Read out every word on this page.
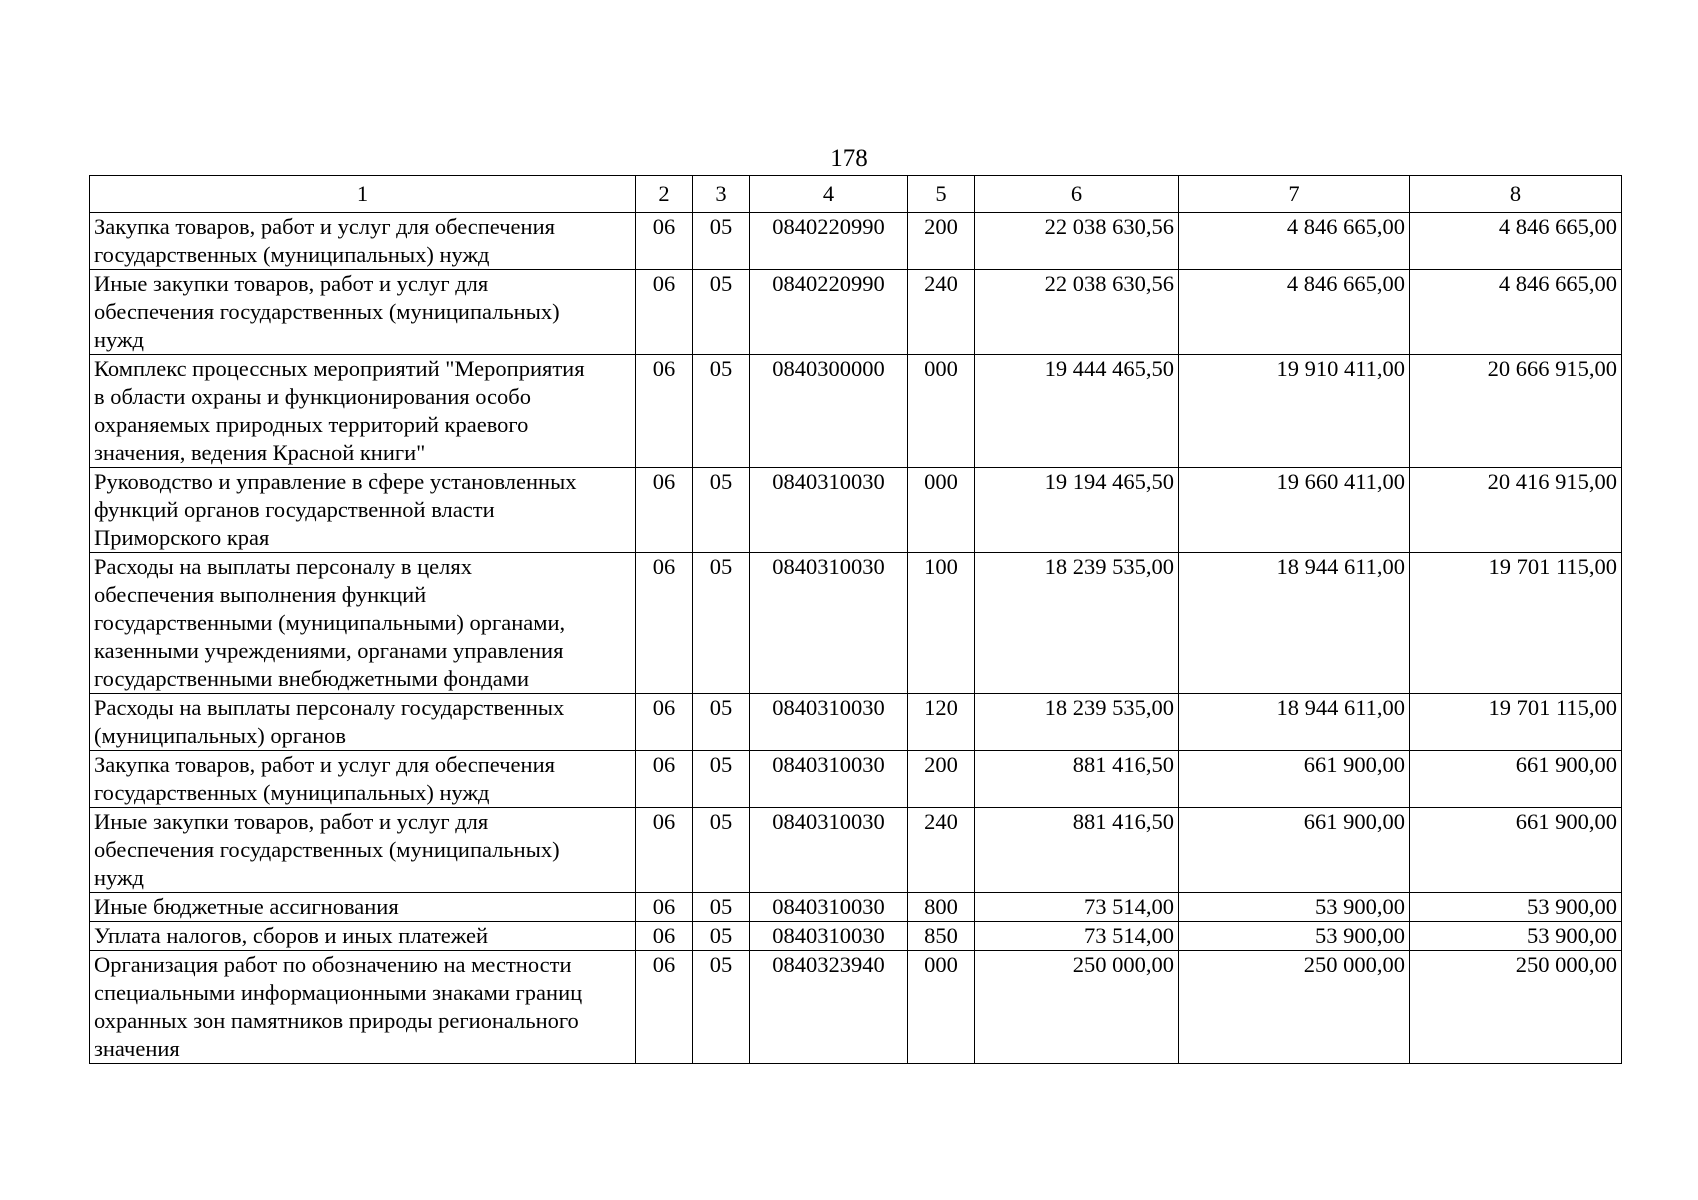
178
1	2	3	4	5	6	7	8

Закупка товаров, работ и услуг для обеспечения
государственных (муниципальных) нужд	06	05	0840220990	200	22 038 630,56	4 846 665,00	4 846 665,00

Иные закупки товаров, работ и услуг для
обеспечения государственных (муниципальных)
нужд	06	05	0840220990	240	22 038 630,56	4 846 665,00	4 846 665,00

Комплекс процессных мероприятий "Мероприятия
в области охраны и функционирования особо
охраняемых природных территорий краевого
значения, ведения Красной книги"	06	05	0840300000	000	19 444 465,50	19 910 411,00	20 666 915,00

Руководство и управление в сфере установленных
функций органов государственной власти
Приморского края	06	05	0840310030	000	19 194 465,50	19 660 411,00	20 416 915,00

Расходы на выплаты персоналу в целях
обеспечения выполнения функций
государственными (муниципальными) органами,
казенными учреждениями, органами управления
государственными внебюджетными фондами	06	05	0840310030	100	18 239 535,00	18 944 611,00	19 701 115,00

Расходы на выплаты персоналу государственных
(муниципальных) органов	06	05	0840310030	120	18 239 535,00	18 944 611,00	19 701 115,00

Закупка товаров, работ и услуг для обеспечения
государственных (муниципальных) нужд	06	05	0840310030	200	881 416,50	661 900,00	661 900,00

Иные закупки товаров, работ и услуг для
обеспечения государственных (муниципальных)
нужд	06	05	0840310030	240	881 416,50	661 900,00	661 900,00

Иные бюджетные ассигнования	06	05	0840310030	800	73 514,00	53 900,00	53 900,00

Уплата налогов, сборов и иных платежей	06	05	0840310030	850	73 514,00	53 900,00	53 900,00

Организация работ по обозначению на местности
специальными информационными знаками границ
охранных зон памятников природы регионального
значения	06	05	0840323940	000	250 000,00	250 000,00	250 000,00
